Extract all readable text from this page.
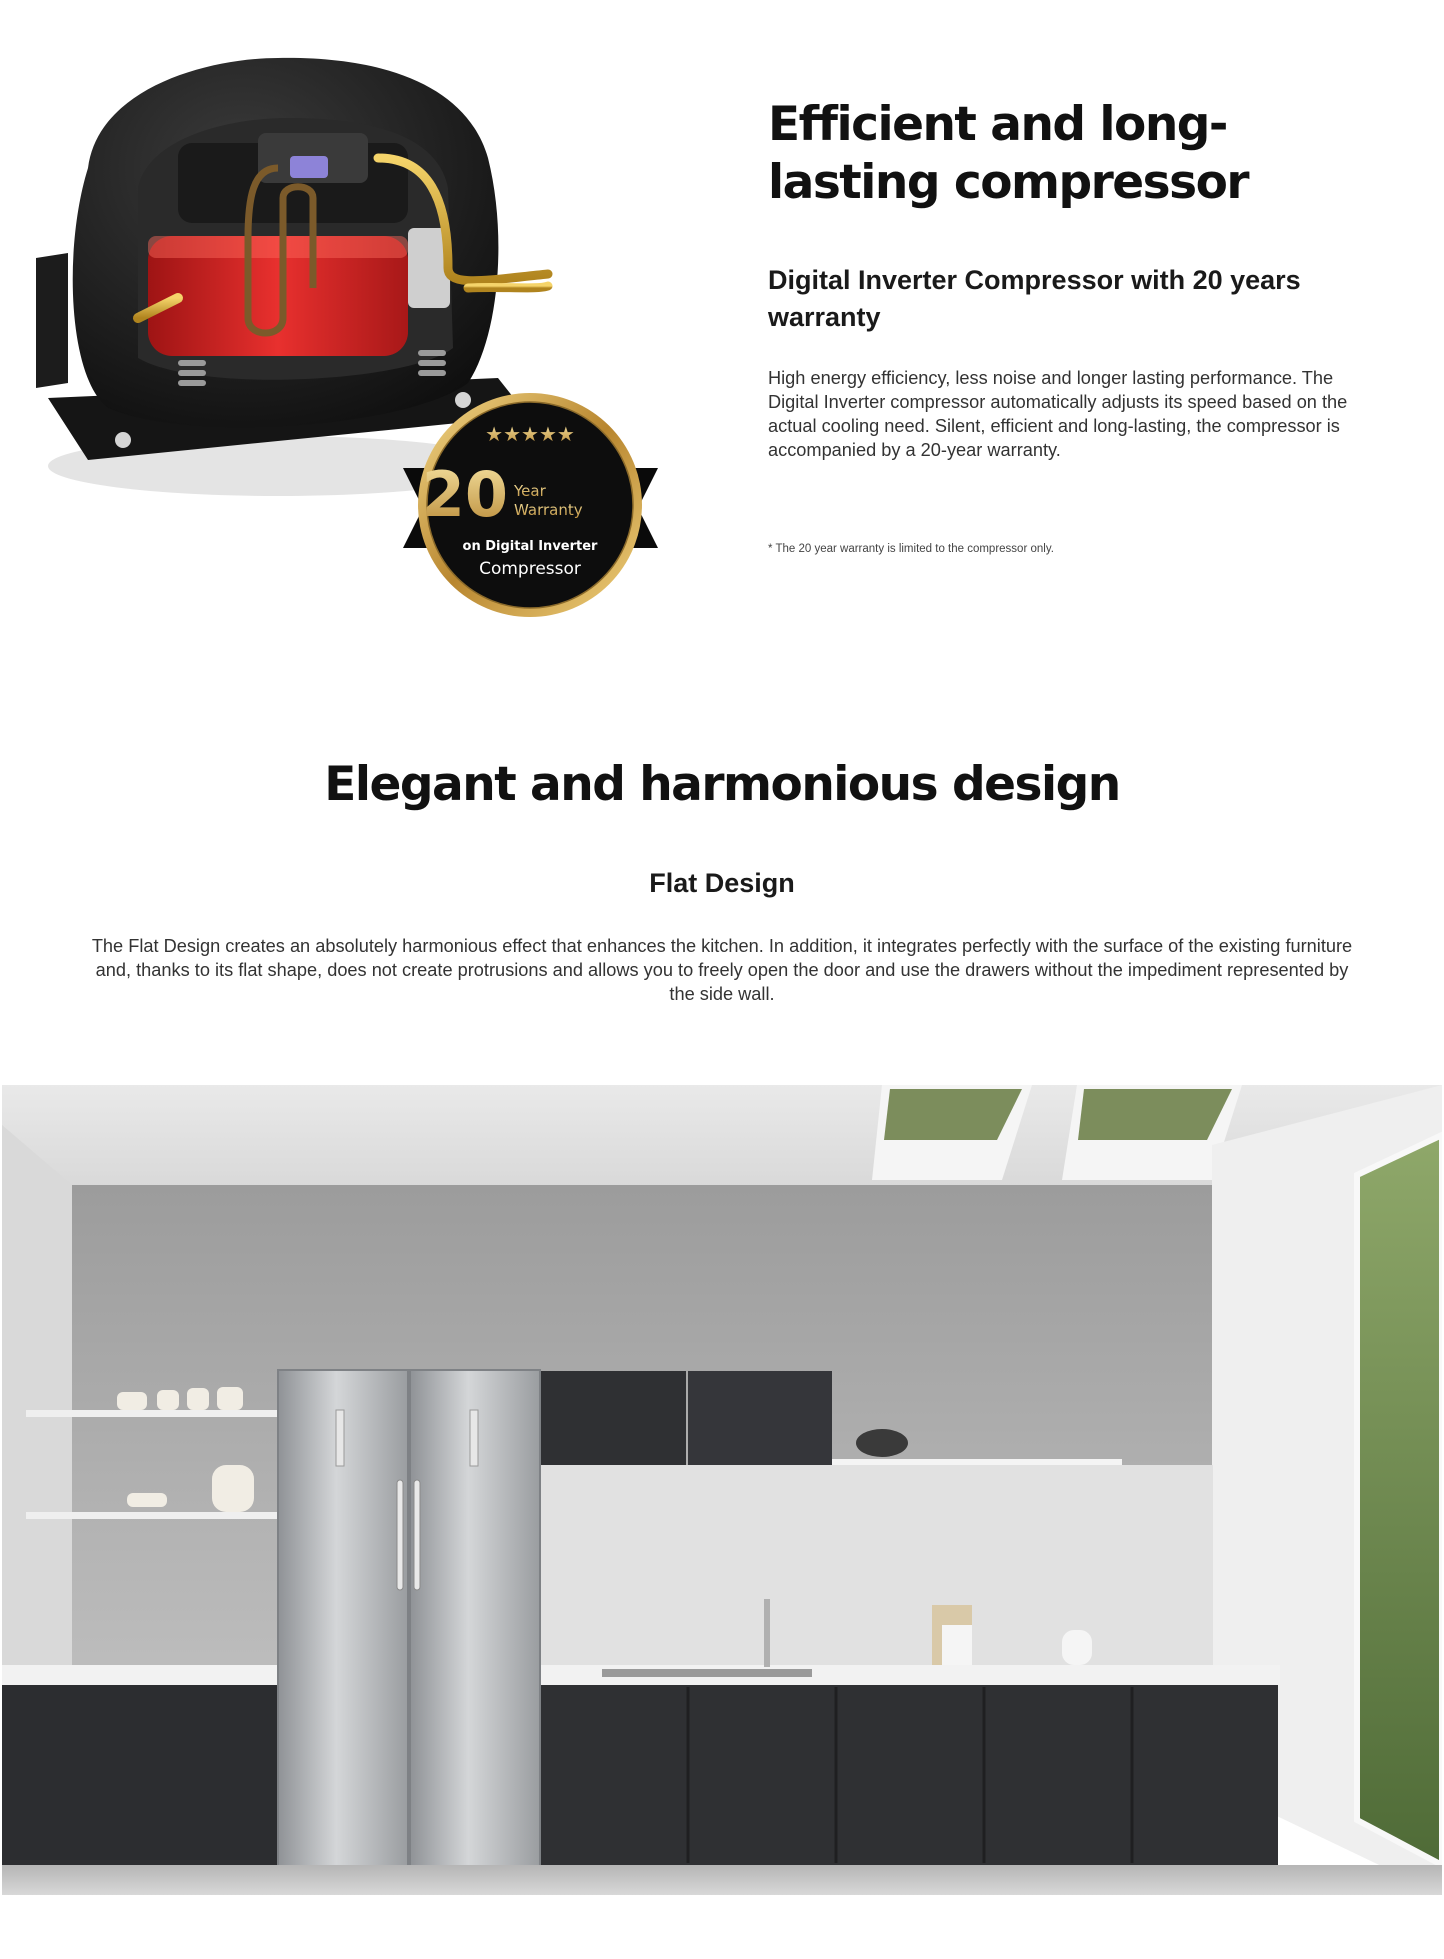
★★★★★
20 Year
Warranty
on Digital Inverter
Compressor
Efficient and long-lasting compressor
Digital Inverter Compressor with 20 years warranty

High energy efficiency, less noise and longer lasting performance. The Digital Inverter compressor automatically adjusts its speed based on the actual cooling need. Silent, efficient and long-lasting, the compressor is accompanied by a 20-year warranty.

* The 20 year warranty is limited to the compressor only.

Elegant and harmonious design
Flat Design

The Flat Design creates an absolutely harmonious effect that enhances the kitchen. In addition, it integrates perfectly with the surface of the existing furniture and, thanks to its flat shape, does not create protrusions and allows you to freely open the door and use the drawers without the impediment represented by the side wall.
